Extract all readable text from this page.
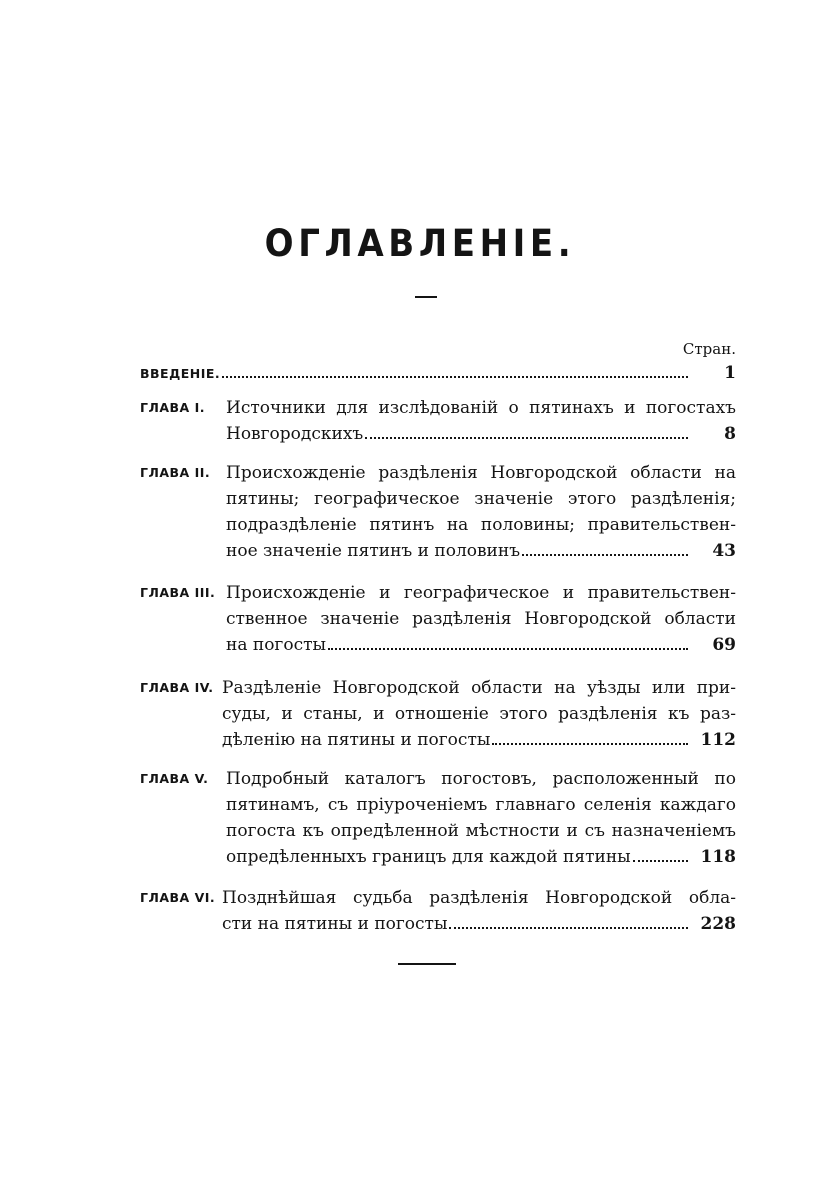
ОГЛАВЛЕНІЕ.
Стран.
ВВЕДЕНІЕ.	1
ГЛАВА I. Источники для изслѣдованій о пятинахъ и погостахъ
Новгородскихъ	8
ГЛАВА II. Происхожденіе раздѣленія Новгородской области на
пятины; географическое значеніе этого раздѣленія;
подраздѣленіе пятинъ на половины; правительствен-
ное значеніе пятинъ и половинъ	43
ГЛАВА III. Происхожденіе и географическое и правительствен-
ственное значеніе раздѣленія Новгородской области
на погосты	69
ГЛАВА IV. Раздѣленіе Новгородской области на уѣзды или при-
суды, и станы, и отношеніе этого раздѣленія къ раз-
дѣленію на пятины и погосты	112
ГЛАВА V. Подробный каталогъ погостовъ, расположенный по
пятинамъ, съ пріуроченіемъ главнаго селенія каждаго
погоста къ опредѣленной мѣстности и съ назначеніемъ
опредѣленныхъ границъ для каждой пятины	118
ГЛАВА VI. Позднѣйшая судьба раздѣленія Новгородской обла-
сти на пятины и погосты	228
